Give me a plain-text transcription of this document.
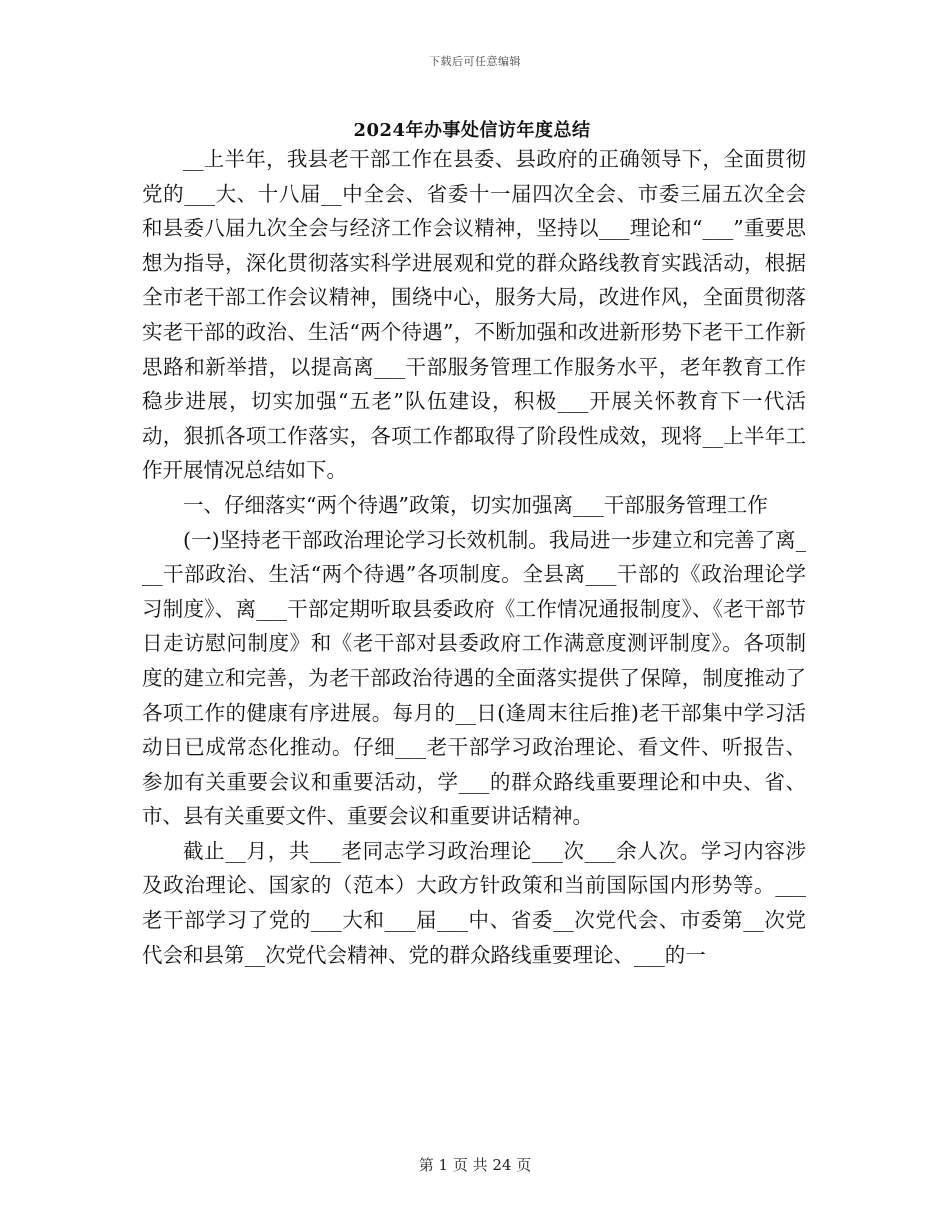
下载后可任意编辑
2024年办事处信访年度总结

__上半年，我县老干部工作在县委、县政府的正确领导下，全面贯彻党的___大、十八届__中全会、省委十一届四次全会、市委三届五次全会和县委八届九次全会与经济工作会议精神，坚持以___理论和“___”重要思想为指导，深化贯彻落实科学进展观和党的群众路线教育实践活动，根据全市老干部工作会议精神，围绕中心，服务大局，改进作风，全面贯彻落实老干部的政治、生活“两个待遇”，不断加强和改进新形势下老干工作新思路和新举措，以提高离___干部服务管理工作服务水平，老年教育工作稳步进展，切实加强“五老”队伍建设，积极___开展关怀教育下一代活动，狠抓各项工作落实，各项工作都取得了阶段性成效，现将__上半年工作开展情况总结如下。

一、仔细落实“两个待遇”政策，切实加强离___干部服务管理工作

(一)坚持老干部政治理论学习长效机制。我局进一步建立和完善了离___干部政治、生活“两个待遇”各项制度。全县离___干部的《政治理论学习制度》、离___干部定期听取县委政府《工作情况通报制度》、《老干部节日走访慰问制度》和《老干部对县委政府工作满意度测评制度》。各项制度的建立和完善，为老干部政治待遇的全面落实提供了保障，制度推动了各项工作的健康有序进展。每月的__日(逢周末往后推)老干部集中学习活动日已成常态化推动。仔细___老干部学习政治理论、看文件、听报告、参加有关重要会议和重要活动，学___的群众路线重要理论和中央、省、市、县有关重要文件、重要会议和重要讲话精神。

截止__月，共___老同志学习政治理论___次___余人次。学习内容涉及政治理论、国家的（范本）大政方针政策和当前国际国内形势等。___老干部学习了党的___大和___届___中、省委__次党代会、市委第__次党代会和县第__次党代会精神、党的群众路线重要理论、___的一

第 1 页 共 24 页
